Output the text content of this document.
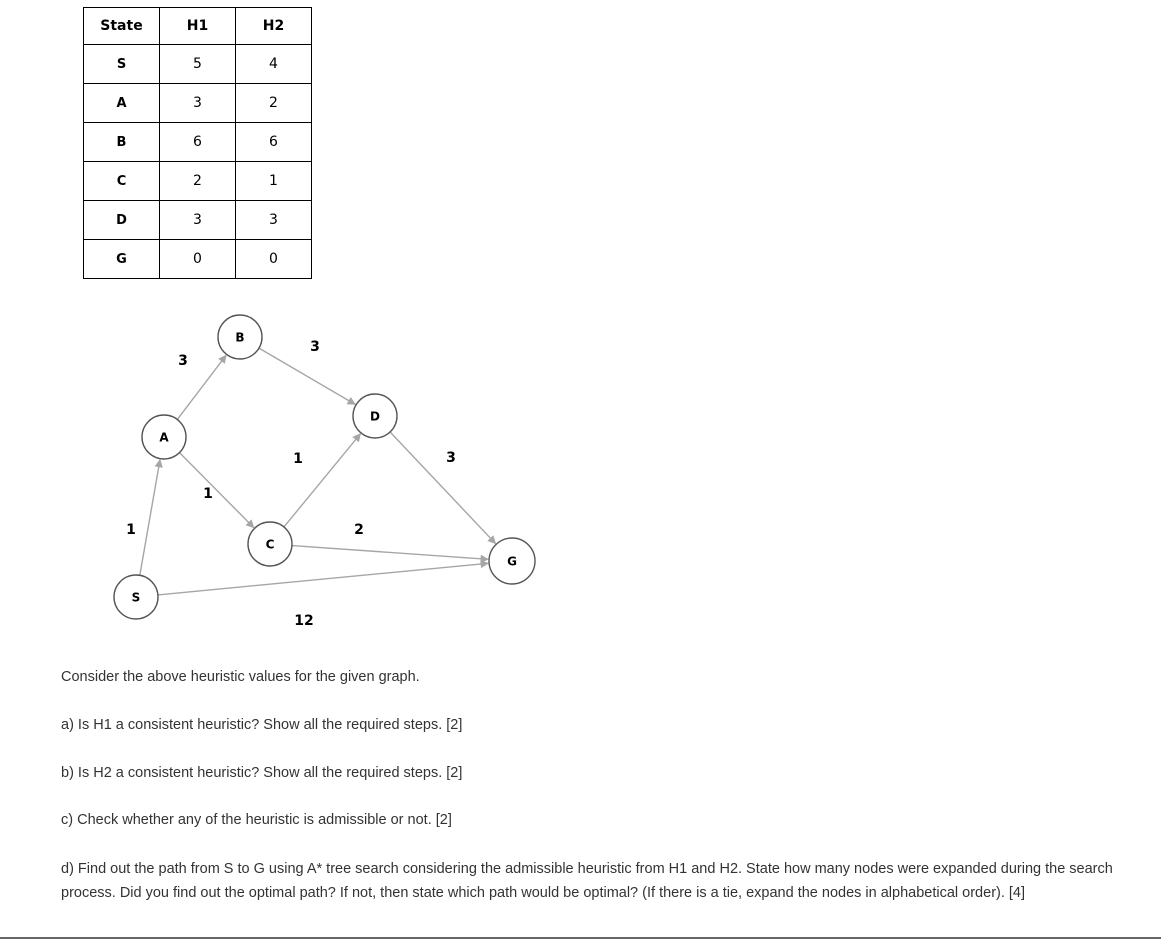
State	H1	H2
S	5	4
A	3	2
B	6	6
C	2	1
D	3	3
G	0	0
1
3
1
3
1
2
3
12
S
A
B
C
D
G

Consider the above heuristic values for the given graph.

a) Is H1 a consistent heuristic? Show all the required steps. [2]

b) Is H2 a consistent heuristic? Show all the required steps. [2]

c) Check whether any of the heuristic is admissible or not. [2]

d) Find out the path from S to G using A* tree search considering the admissible heuristic from H1 and H2. State how many nodes were expanded during the search process. Did you find out the optimal path? If not, then state which path would be optimal? (If there is a tie, expand the nodes in alphabetical order). [4]
